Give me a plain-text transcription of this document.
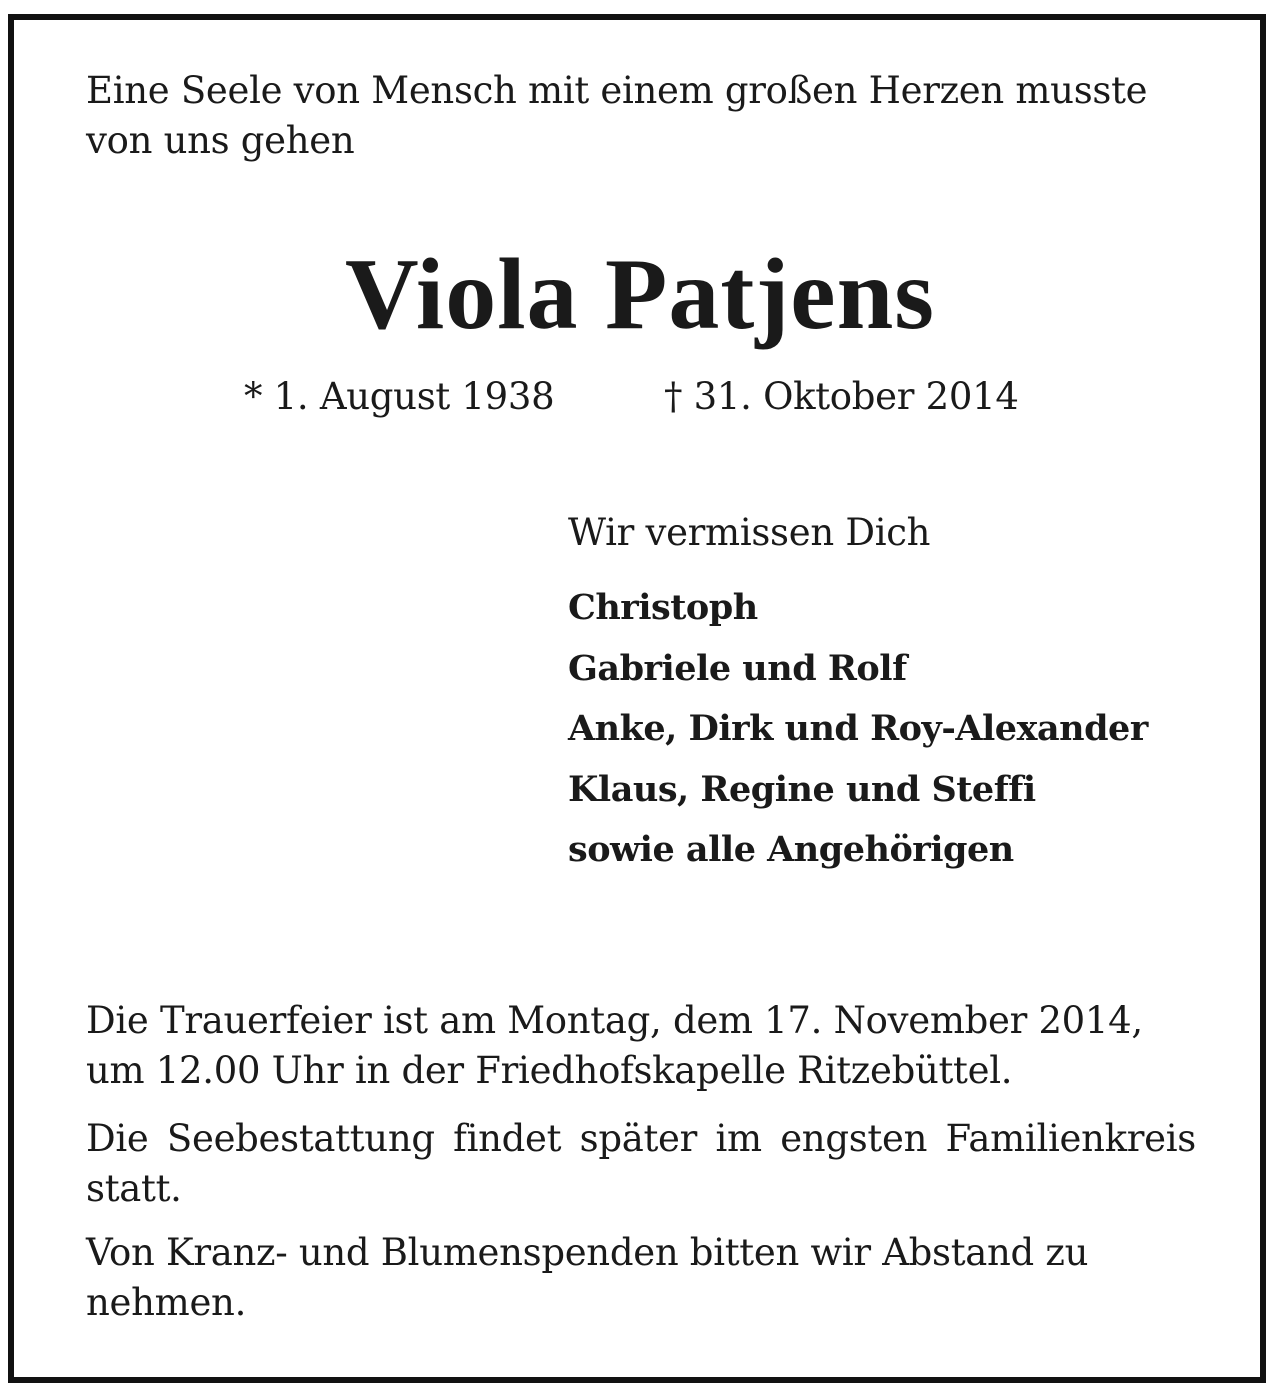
Eine Seele von Mensch mit einem großen Herzen musste von uns gehen

Viola Patjens
* 1. August 1938	† 31. Oktober 2014

Wir vermissen Dich

Christoph
Gabriele und Rolf
Anke, Dirk und Roy-Alexander
Klaus, Regine und Steffi
sowie alle Angehörigen

Die Trauerfeier ist am Montag, dem 17. November 2014, um 12.00 Uhr in der Friedhofskapelle Ritzebüttel.

Die Seebestattung findet später im engsten Familienkreis statt.

Von Kranz- und Blumenspenden bitten wir Abstand zu nehmen.
